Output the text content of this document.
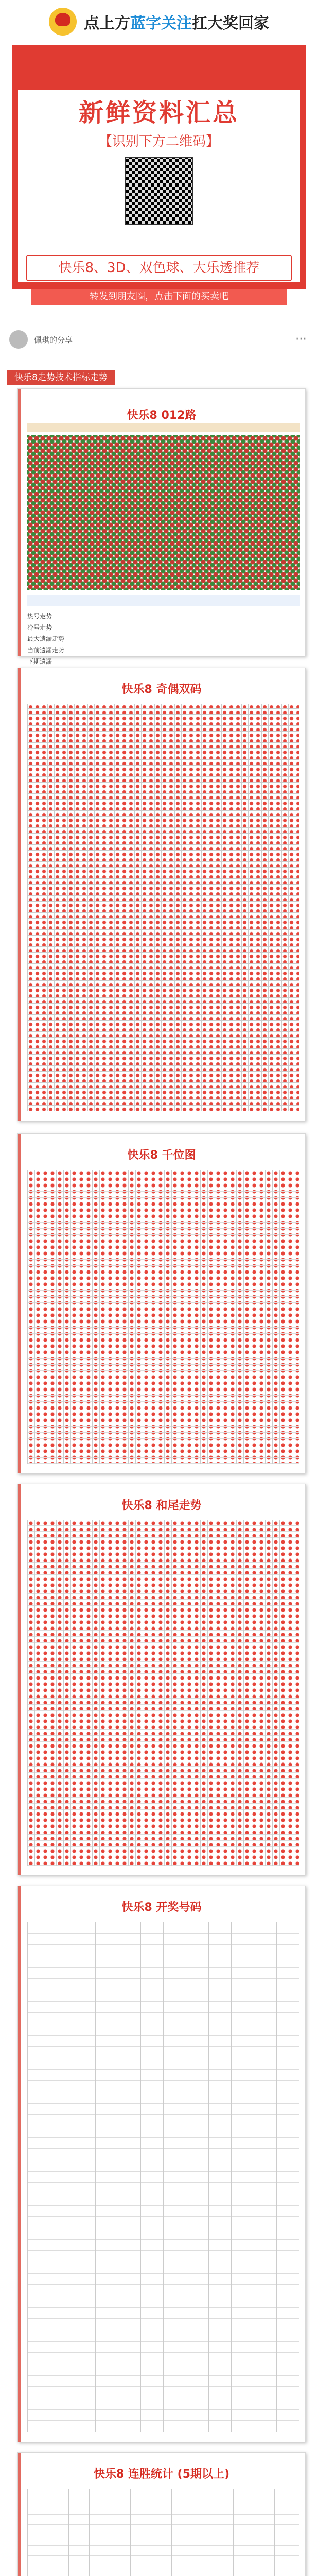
点上方蓝字关注扛大奖回家
新鲜资料汇总
【识别下方二维码】
快乐8、3D、双色球、大乐透推荐
转发到朋友圈，点击下面的买卖吧
佩琪的分享	⋯
快乐8走势技术指标走势
快乐8 012路
热号走势
冷号走势
最大遗漏走势
当前遗漏走势
下期遗漏
快乐8 奇偶双码
快乐8 千位图
快乐8 和尾走势
快乐8 开奖号码
快乐8 连胜统计 (5期以上)
